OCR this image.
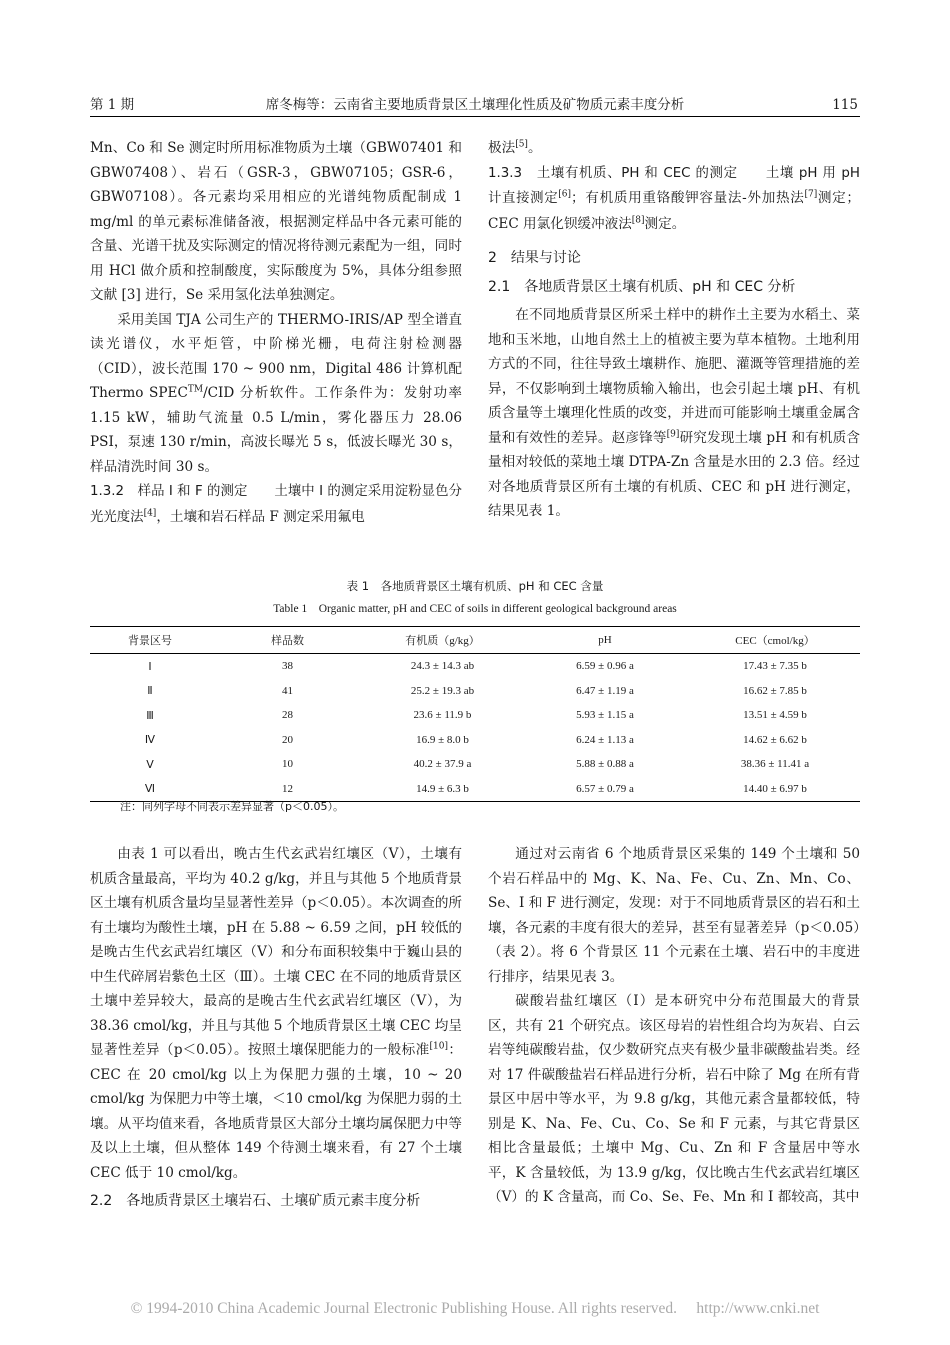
第 1 期	席冬梅等：云南省主要地质背景区土壤理化性质及矿物质元素丰度分析	115

Mn、Co 和 Se 测定时所用标准物质为土壤（GBW07401 和 GBW07408）、岩石（GSR-3，GBW07105；GSR-6，GBW07108）。各元素均采用相应的光谱纯物质配制成 1 mg/ml 的单元素标准储备液，根据测定样品中各元素可能的含量、光谱干扰及实际测定的情况将待测元素配为一组，同时用 HCl 做介质和控制酸度，实际酸度为 5%，具体分组参照文献 [3] 进行，Se 采用氢化法单独测定。

采用美国 TJA 公司生产的 THERMO-IRIS/AP 型全谱直读光谱仪，水平炬管，中阶梯光栅，电荷注射检测器（CID），波长范围 170 ~ 900 nm，Digital 486 计算机配 Thermo SPEC™/CID 分析软件。工作条件为：发射功率 1.15 kW，辅助气流量 0.5 L/min，雾化器压力 28.06 PSI，泵速 130 r/min，高波长曝光 5 s，低波长曝光 30 s，样品清洗时间 30 s。

1.3.2　样品 I 和 F 的测定　　土壤中 I 的测定采用淀粉显色分光光度法[4]，土壤和岩石样品 F 测定采用氟电

极法[5]。

1.3.3　土壤有机质、PH 和 CEC 的测定　　土壤 pH 用 pH 计直接测定[6]；有机质用重铬酸钾容量法-外加热法[7]测定；CEC 用氯化钡缓冲液法[8]测定。

2　结果与讨论

2.1　各地质背景区土壤有机质、pH 和 CEC 分析

在不同地质背景区所采土样中的耕作土主要为水稻土、菜地和玉米地，山地自然土上的植被主要为草本植物。土地利用方式的不同，往往导致土壤耕作、施肥、灌溉等管理措施的差异，不仅影响到土壤物质输入输出，也会引起土壤 pH、有机质含量等土壤理化性质的改变，并进而可能影响土壤重金属含量和有效性的差异。赵彦锋等[9]研究发现土壤 pH 和有机质含量相对较低的菜地土壤 DTPA-Zn 含量是水田的 2.3 倍。经过对各地质背景区所有土壤的有机质、CEC 和 pH 进行测定，结果见表 1。

表 1　各地质背景区土壤有机质、pH 和 CEC 含量
Table 1　Organic matter, pH and CEC of soils in different geological background areas
背景区号	样品数	有机质（g/kg）	pH	CEC（cmol/kg）
Ⅰ	38	24.3 ± 14.3 ab	6.59 ± 0.96 a	17.43 ± 7.35 b
Ⅱ	41	25.2 ± 19.3 ab	6.47 ± 1.19 a	16.62 ± 7.85 b
Ⅲ	28	23.6 ± 11.9 b	5.93 ± 1.15 a	13.51 ± 4.59 b
Ⅳ	20	16.9 ± 8.0 b	6.24 ± 1.13 a	14.62 ± 6.62 b
Ⅴ	10	40.2 ± 37.9 a	5.88 ± 0.88 a	38.36 ± 11.41 a
Ⅵ	12	14.9 ± 6.3 b	6.57 ± 0.79 a	14.40 ± 6.97 b
注：同列字母不同表示差异显著（p＜0.05）。

由表 1 可以看出，晚古生代玄武岩红壤区（Ⅴ），土壤有机质含量最高，平均为 40.2 g/kg，并且与其他 5 个地质背景区土壤有机质含量均呈显著性差异（p＜0.05）。本次调查的所有土壤均为酸性土壤，pH 在 5.88 ~ 6.59 之间，pH 较低的是晚古生代玄武岩红壤区（Ⅴ）和分布面积较集中于巍山县的中生代碎屑岩紫色土区（Ⅲ）。土壤 CEC 在不同的地质背景区土壤中差异较大，最高的是晚古生代玄武岩红壤区（Ⅴ），为 38.36 cmol/kg，并且与其他 5 个地质背景区土壤 CEC 均呈显著性差异（p＜0.05）。按照土壤保肥能力的一般标准[10]：CEC 在 20 cmol/kg 以上为保肥力强的土壤，10 ~ 20 cmol/kg 为保肥力中等土壤，＜10 cmol/kg 为保肥力弱的土壤。从平均值来看，各地质背景区大部分土壤均属保肥力中等及以上土壤，但从整体 149 个待测土壤来看，有 27 个土壤 CEC 低于 10 cmol/kg。

2.2　各地质背景区土壤岩石、土壤矿质元素丰度分析

通过对云南省 6 个地质背景区采集的 149 个土壤和 50 个岩石样品中的 Mg、K、Na、Fe、Cu、Zn、Mn、Co、Se、I 和 F 进行测定，发现：对于不同地质背景区的岩石和土壤，各元素的丰度有很大的差异，甚至有显著差异（p＜0.05）（表 2）。将 6 个背景区 11 个元素在土壤、岩石中的丰度进行排序，结果见表 3。

碳酸岩盐红壤区（Ⅰ）是本研究中分布范围最大的背景区，共有 21 个研究点。该区母岩的岩性组合均为灰岩、白云岩等纯碳酸岩盐，仅少数研究点夹有极少量非碳酸盐岩类。经对 17 件碳酸盐岩石样品进行分析，岩石中除了 Mg 在所有背景区中居中等水平，为 9.8 g/kg，其他元素含量都较低，特别是 K、Na、Fe、Cu、Co、Se 和 F 元素，与其它背景区相比含量最低；土壤中 Mg、Cu、Zn 和 F 含量居中等水平，K 含量较低，为 13.9 g/kg，仅比晚古生代玄武岩红壤区（Ⅴ）的 K 含量高，而 Co、Se、Fe、Mn 和 I 都较高，其中

© 1994-2010 China Academic Journal Electronic Publishing House. All rights reserved.　 http://www.cnki.net
